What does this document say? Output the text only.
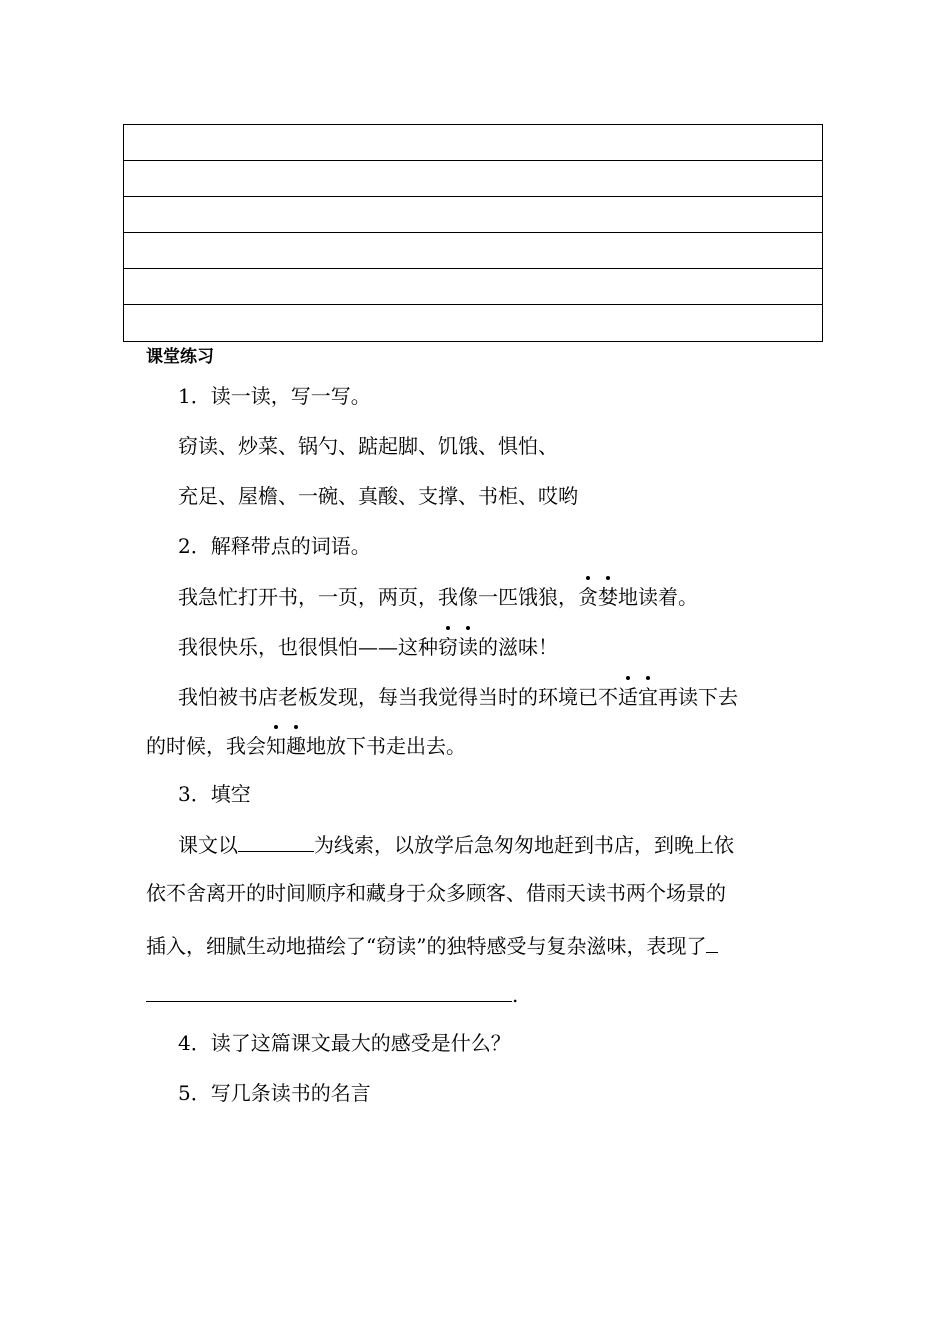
课堂练习
1．读一读，写一写。
窃读、炒菜、锅勺、踮起脚、饥饿、惧怕、
充足、屋檐、一碗、真酸、支撑、书柜、哎哟
2．解释带点的词语。
我急忙打开书，一页，两页，我像一匹饿狼，贪婪地读着。
我很快乐，也很惧怕——这种窃读的滋味！
我怕被书店老板发现，每当我觉得当时的环境已不适宜再读下去
的时候，我会知趣地放下书走出去。
3．填空
课文以	为线索，以放学后急匆匆地赶到书店，到晚上依
依不舍离开的时间顺序和藏身于众多顾客、借雨天读书两个场景的
插入，细腻生动地描绘了“窃读”的独特感受与复杂滋味，表现了
.
4．读了这篇课文最大的感受是什么？
5．写几条读书的名言
